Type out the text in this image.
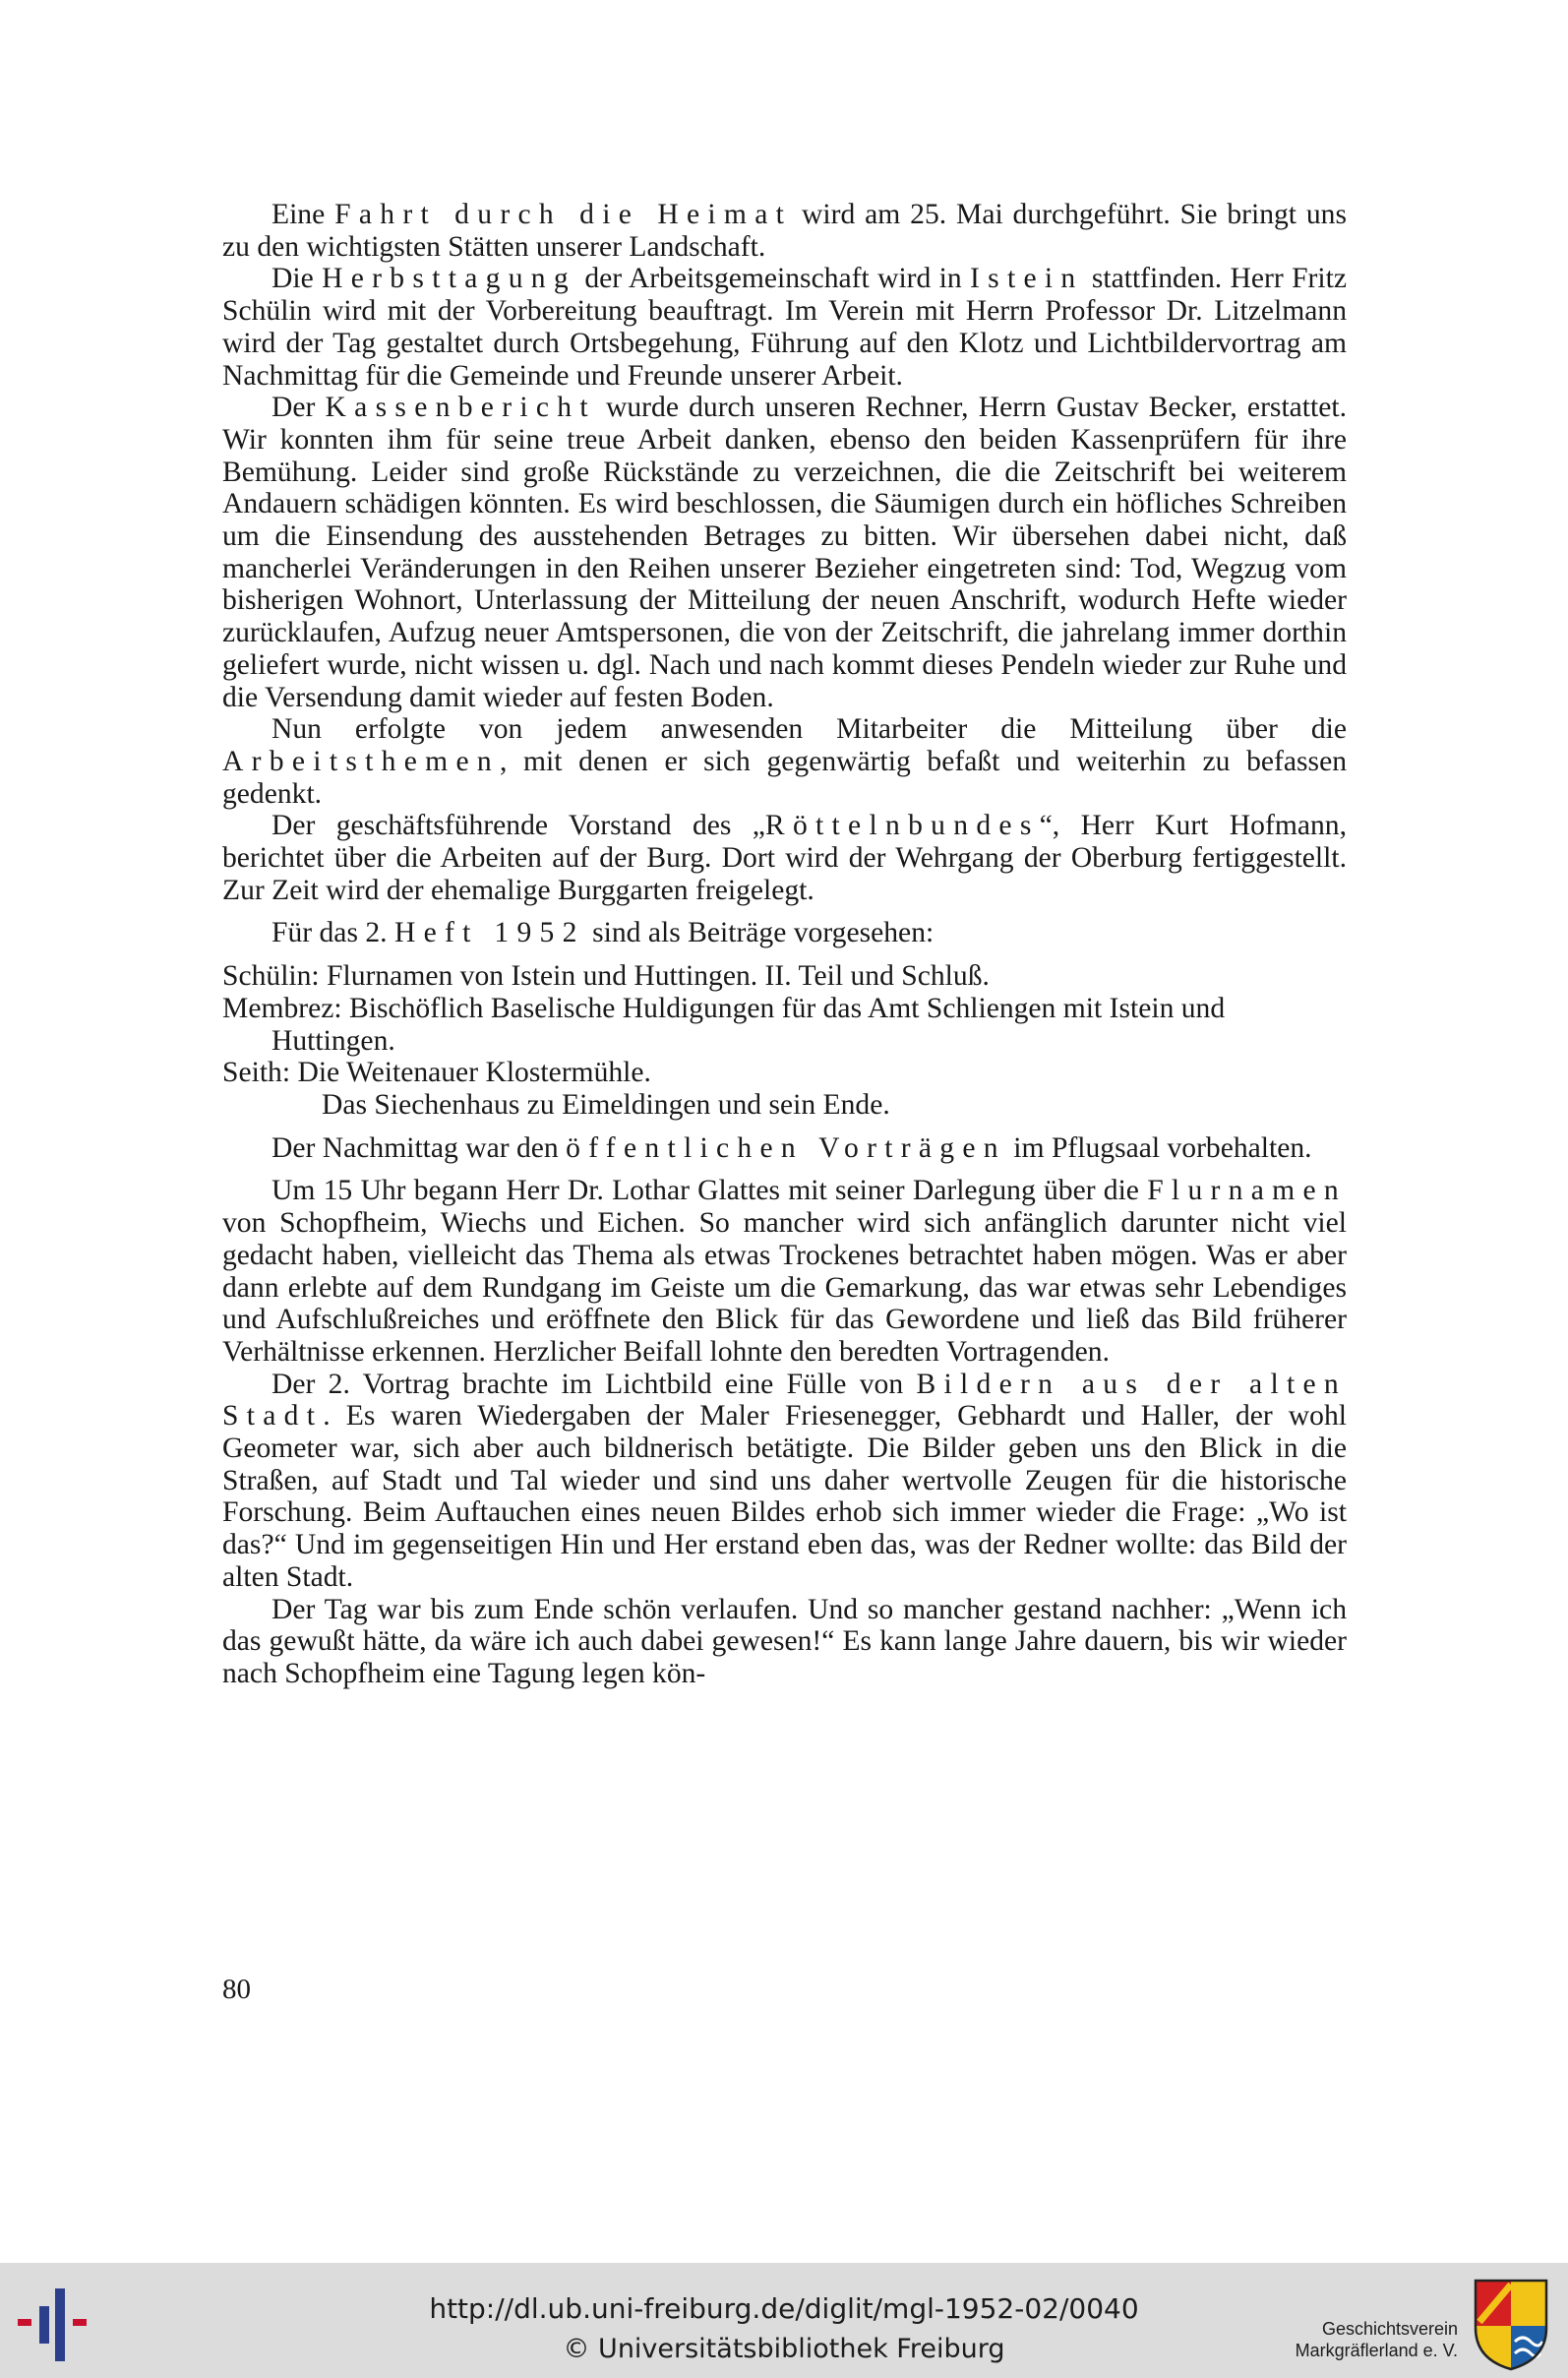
Eine Fahrt durch die Heimat wird am 25. Mai durchgeführt. Sie bringt uns zu den wichtigsten Stätten unserer Landschaft.

Die Herbsttagung der Arbeitsgemeinschaft wird in Istein stattfinden. Herr Fritz Schülin wird mit der Vorbereitung beauftragt. Im Verein mit Herrn Professor Dr. Litzelmann wird der Tag gestaltet durch Ortsbegehung, Führung auf den Klotz und Lichtbildervortrag am Nachmittag für die Gemeinde und Freunde unserer Arbeit.

Der Kassenbericht wurde durch unseren Rechner, Herrn Gustav Becker, erstattet. Wir konnten ihm für seine treue Arbeit danken, ebenso den beiden Kassenprüfern für ihre Bemühung. Leider sind große Rückstände zu verzeichnen, die die Zeitschrift bei weiterem Andauern schädigen könnten. Es wird beschlossen, die Säumigen durch ein höfliches Schreiben um die Einsendung des ausstehenden Betrages zu bitten. Wir übersehen dabei nicht, daß mancherlei Veränderungen in den Reihen unserer Bezieher eingetreten sind: Tod, Wegzug vom bisherigen Wohnort, Unterlassung der Mitteilung der neuen Anschrift, wodurch Hefte wieder zurücklaufen, Aufzug neuer Amtspersonen, die von der Zeitschrift, die jahrelang immer dorthin geliefert wurde, nicht wissen u. dgl. Nach und nach kommt dieses Pendeln wieder zur Ruhe und die Versendung damit wieder auf festen Boden.

Nun erfolgte von jedem anwesenden Mitarbeiter die Mitteilung über die Arbeitsthemen, mit denen er sich gegenwärtig befaßt und weiterhin zu befassen gedenkt.

Der geschäftsführende Vorstand des „Röttelnbundes“, Herr Kurt Hofmann, berichtet über die Arbeiten auf der Burg. Dort wird der Wehrgang der Oberburg fertiggestellt. Zur Zeit wird der ehemalige Burggarten freigelegt.

Für das 2. Heft 1952 sind als Beiträge vorgesehen:

Schülin: Flurnamen von Istein und Huttingen. II. Teil und Schluß.

Membrez: Bischöflich Baselische Huldigungen für das Amt Schliengen mit Istein und Huttingen.

Seith: Die Weitenauer Klostermühle.

Das Siechenhaus zu Eimeldingen und sein Ende.

Der Nachmittag war den öffentlichen Vorträgen im Pflugsaal vorbehalten.

Um 15 Uhr begann Herr Dr. Lothar Glattes mit seiner Darlegung über die Flurnamen von Schopfheim, Wiechs und Eichen. So mancher wird sich anfänglich darunter nicht viel gedacht haben, vielleicht das Thema als etwas Trockenes betrachtet haben mögen. Was er aber dann erlebte auf dem Rundgang im Geiste um die Gemarkung, das war etwas sehr Lebendiges und Aufschlußreiches und eröffnete den Blick für das Gewordene und ließ das Bild früherer Verhältnisse erkennen. Herzlicher Beifall lohnte den beredten Vortragenden.

Der 2. Vortrag brachte im Lichtbild eine Fülle von Bildern aus der alten Stadt. Es waren Wiedergaben der Maler Friesenegger, Gebhardt und Haller, der wohl Geometer war, sich aber auch bildnerisch betätigte. Die Bilder geben uns den Blick in die Straßen, auf Stadt und Tal wieder und sind uns daher wertvolle Zeugen für die historische Forschung. Beim Auftauchen eines neuen Bildes erhob sich immer wieder die Frage: „Wo ist das?“ Und im gegenseitigen Hin und Her erstand eben das, was der Redner wollte: das Bild der alten Stadt.

Der Tag war bis zum Ende schön verlaufen. Und so mancher gestand nachher: „Wenn ich das gewußt hätte, da wäre ich auch dabei gewesen!“ Es kann lange Jahre dauern, bis wir wieder nach Schopfheim eine Tagung legen kön-

80
http://dl.ub.uni-freiburg.de/diglit/mgl-1952-02/0040
© Universitätsbibliothek Freiburg
Geschichtsverein
Markgräflerland e. V.
